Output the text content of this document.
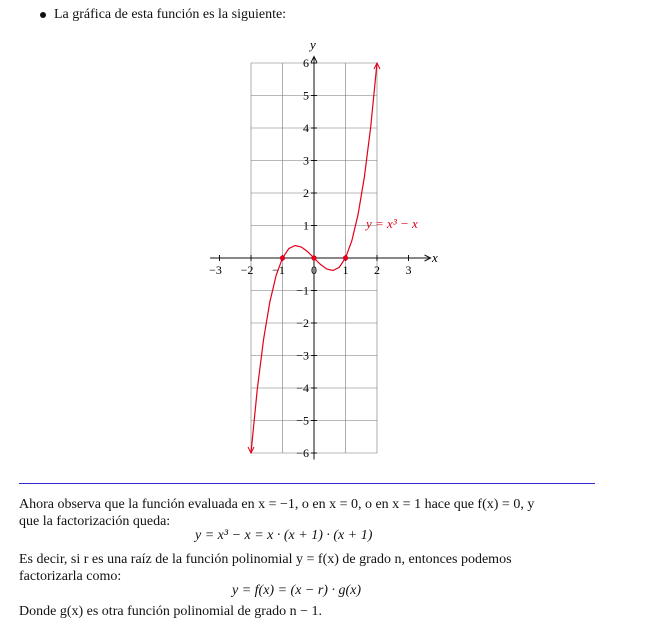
La gráfica de esta función es la siguiente:
−3 −2 −1 0 1 2 3
6
5
4
3
2
1
−1
−2
−3
−4
−5
−6
y = x³ − x
x
y
Ahora observa que la función evaluada en x = −1, o en x = 0, o en x = 1 hace que f(x) = 0, y
que la factorización queda:
y = x³ − x = x · (x + 1) · (x + 1)
Es decir, si r es una raíz de la función polinomial y = f(x) de grado n, entonces podemos
factorizarla como:
y = f(x) = (x − r) · g(x)
Donde g(x) es otra función polinomial de grado n − 1.
